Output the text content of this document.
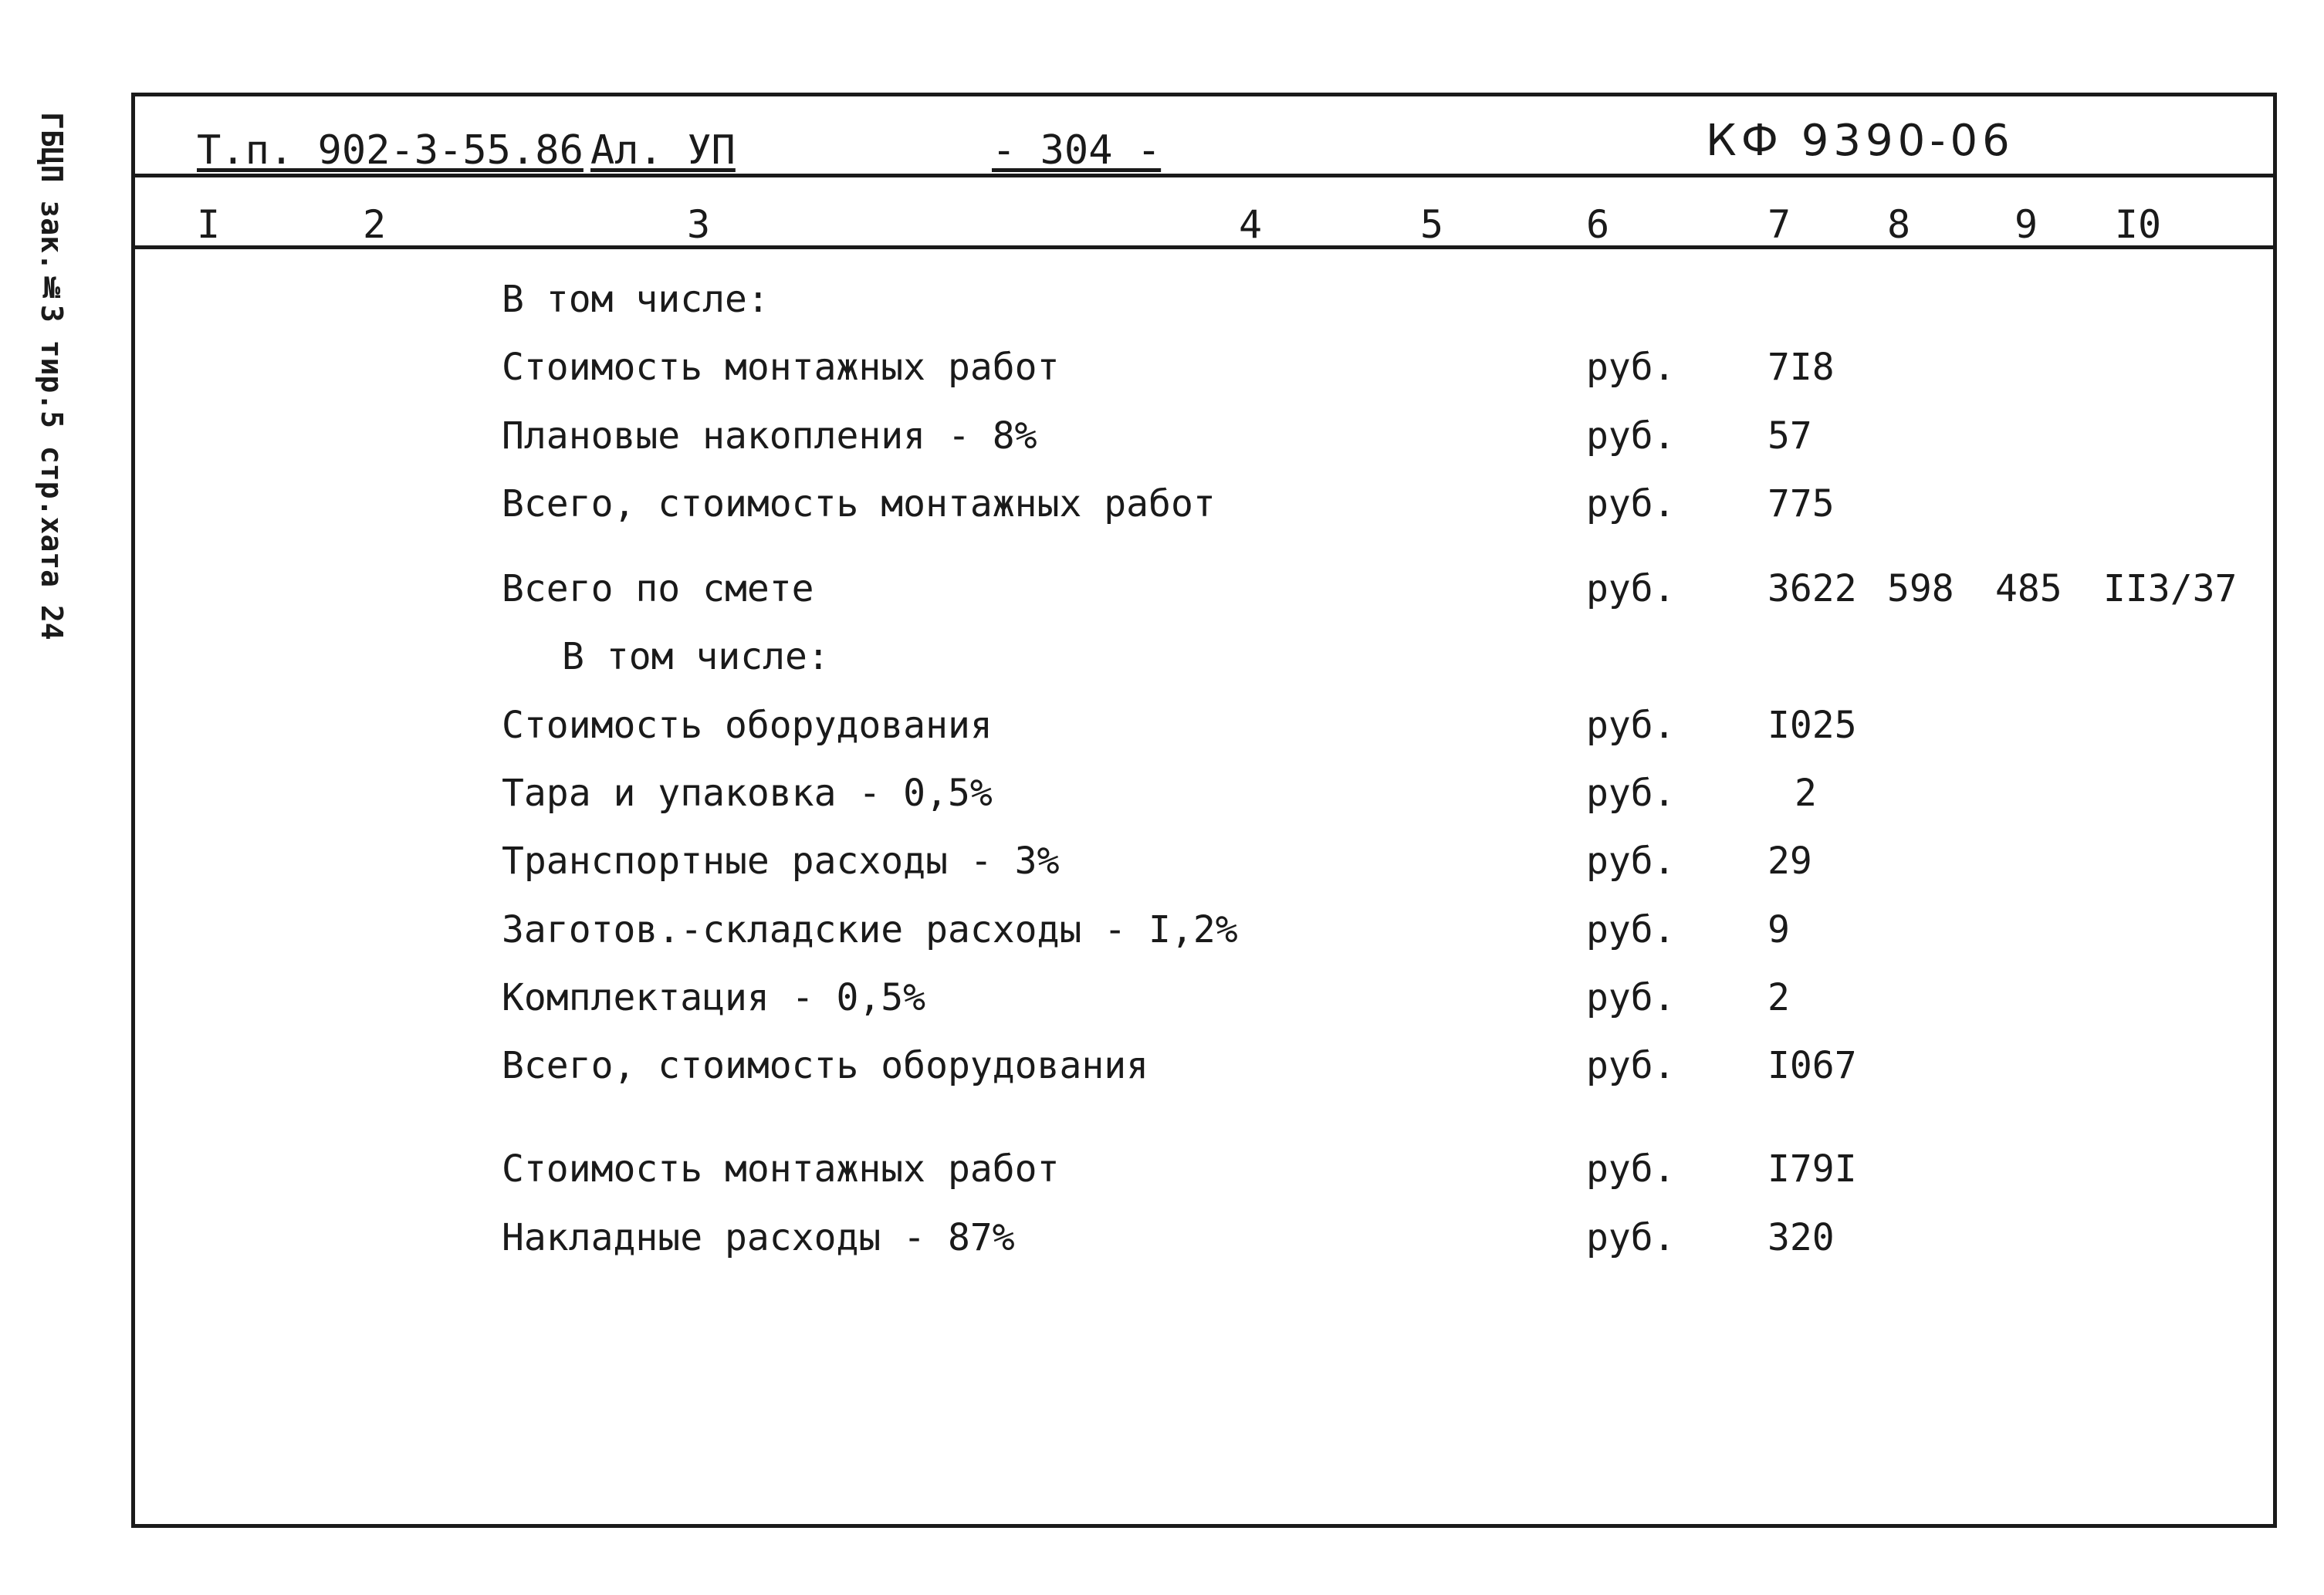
ГБЦП зак.№3 тир.5 стр.хата 24	Т.п. 902-3-55.86 Ал. УП	- 304 -	КФ 9390-06
I	2	3	4	5	6	7 8	9 I0
В том числе:
Стоимость монтажных работ	руб. 7I8
Плановые накопления - 8%	руб. 57
Всего, стоимость монтажных работ	руб. 775
Всего по смете	руб. 3622 598 485 II3/37
В том числе:
Стоимость оборудования	руб. I025
Тара и упаковка - 0,5%	руб.	2
Транспортные расходы - 3%	руб. 29
Заготов.-складские расходы - I,2%	руб. 9
Комплектация - 0,5%	руб. 2
Всего, стоимость оборудования	руб. I067
Стоимость монтажных работ	руб. I79I
Накладные расходы - 87%	руб. 320
